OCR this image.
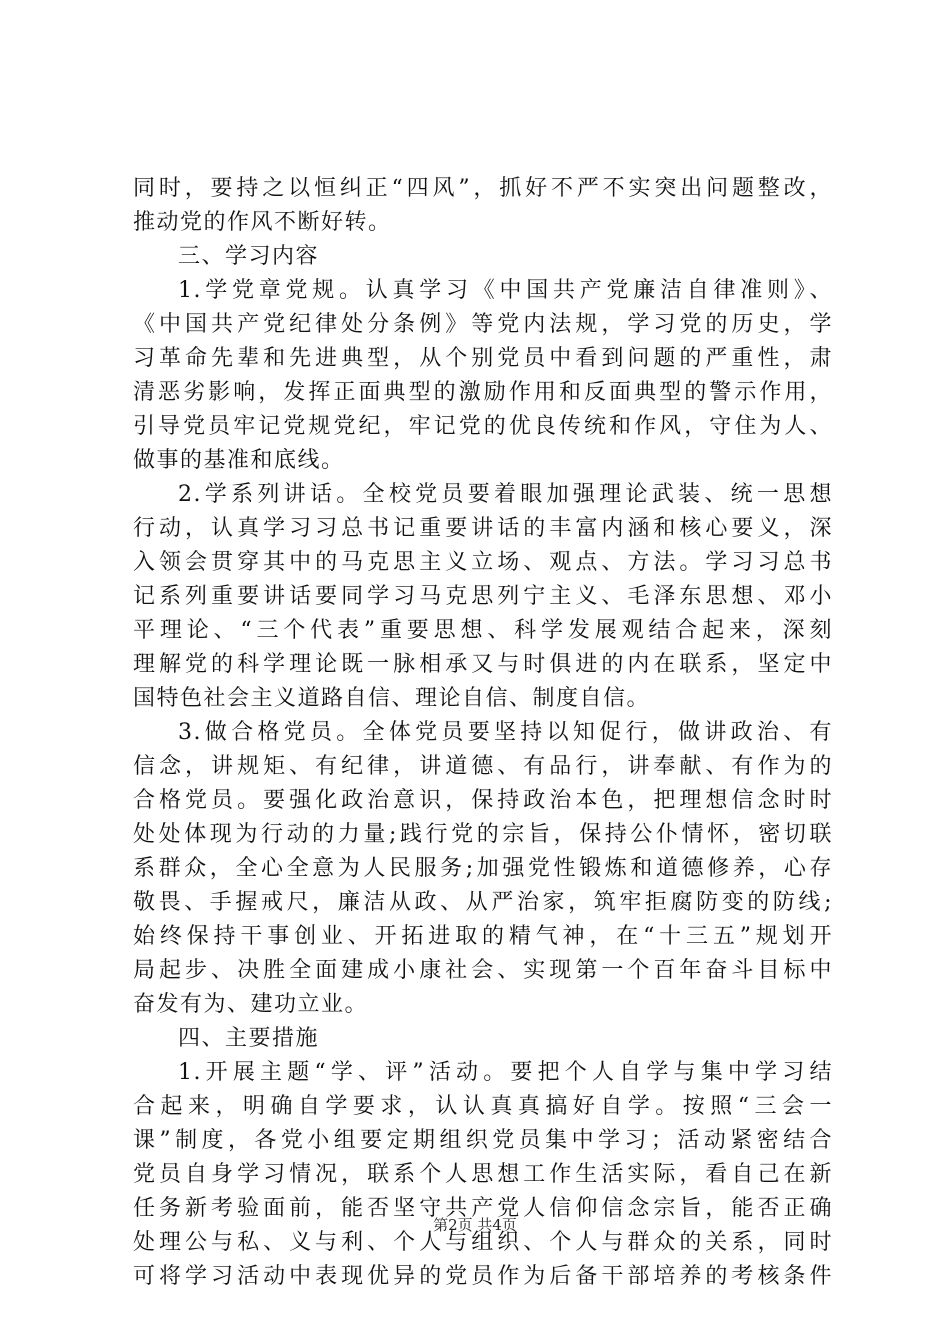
同时，要持之以恒纠正“四风”，抓好不严不实突出问题整改，
推动党的作风不断好转。
三、学习内容
1.学党章党规。认真学习《中国共产党廉洁自律准则》、
《中国共产党纪律处分条例》等党内法规，学习党的历史，学
习革命先辈和先进典型，从个别党员中看到问题的严重性，肃
清恶劣影响，发挥正面典型的激励作用和反面典型的警示作用，
引导党员牢记党规党纪，牢记党的优良传统和作风，守住为人、
做事的基准和底线。
2.学系列讲话。全校党员要着眼加强理论武装、统一思想
行动，认真学习习总书记重要讲话的丰富内涵和核心要义，深
入领会贯穿其中的马克思主义立场、观点、方法。学习习总书
记系列重要讲话要同学习马克思列宁主义、毛泽东思想、邓小
平理论、“三个代表”重要思想、科学发展观结合起来，深刻
理解党的科学理论既一脉相承又与时俱进的内在联系，坚定中
国特色社会主义道路自信、理论自信、制度自信。
3.做合格党员。全体党员要坚持以知促行，做讲政治、有
信念，讲规矩、有纪律，讲道德、有品行，讲奉献、有作为的
合格党员。要强化政治意识，保持政治本色，把理想信念时时
处处体现为行动的力量;践行党的宗旨，保持公仆情怀，密切联
系群众，全心全意为人民服务;加强党性锻炼和道德修养，心存
敬畏、手握戒尺，廉洁从政、从严治家，筑牢拒腐防变的防线;
始终保持干事创业、开拓进取的精气神，在“十三五”规划开
局起步、决胜全面建成小康社会、实现第一个百年奋斗目标中
奋发有为、建功立业。
四、主要措施
1.开展主题“学、评”活动。要把个人自学与集中学习结
合起来，明确自学要求，认认真真搞好自学。按照“三会一
课”制度，各党小组要定期组织党员集中学习；活动紧密结合
党员自身学习情况，联系个人思想工作生活实际，看自己在新
任务新考验面前，能否坚守共产党人信仰信念宗旨，能否正确
处理公与私、义与利、个人与组织、个人与群众的关系，同时
可将学习活动中表现优异的党员作为后备干部培养的考核条件
第2页 共4页
